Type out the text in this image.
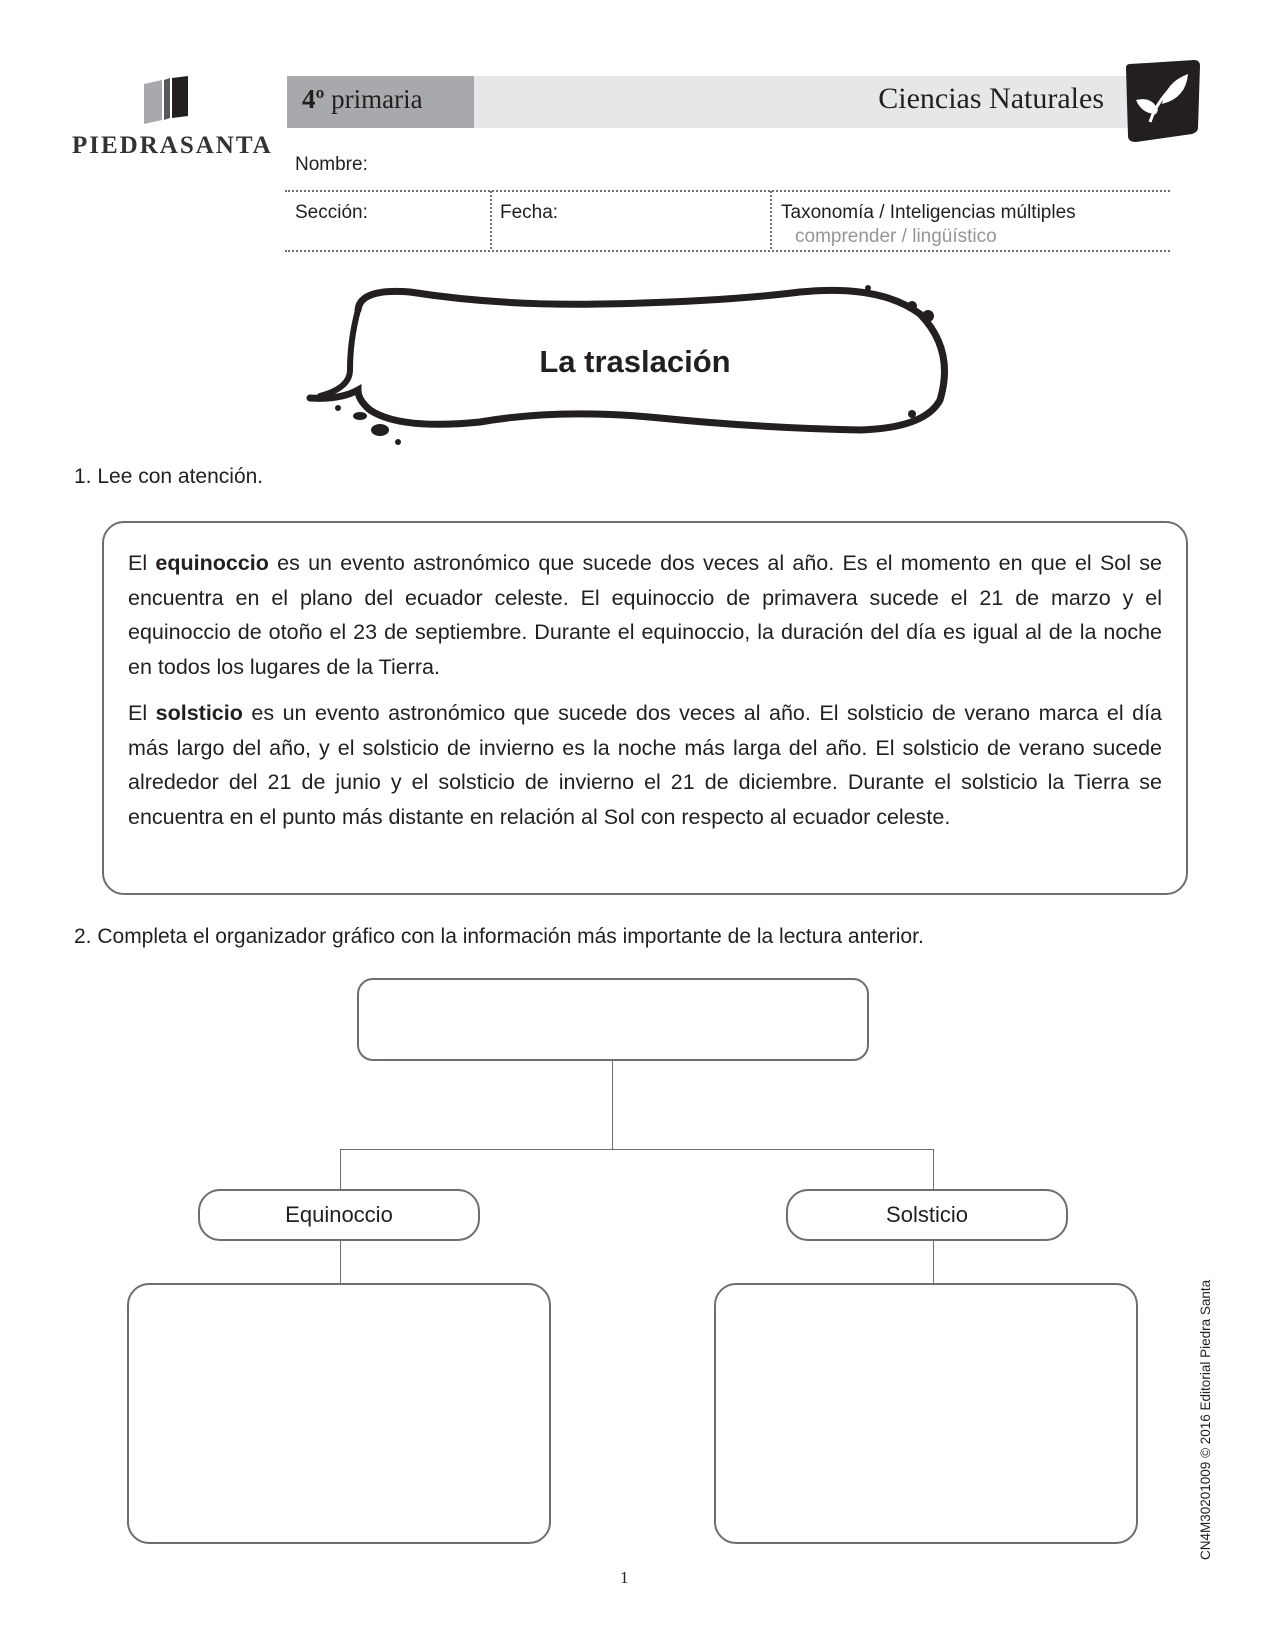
PIEDRASANTA
4º primaria	Ciencias Naturales
Nombre:
Sección:	Fecha:	Taxonomía / Inteligencias múltiples
comprender / lingüístico
La traslación
1. Lee con atención.
El equinoccio es un evento astronómico que sucede dos veces al año. Es el momento en que el Sol se encuentra en el plano del ecuador celeste. El equinoccio de primavera sucede el 21 de marzo y el equinoccio de otoño el 23 de septiembre. Durante el equinoccio, la duración del día es igual al de la noche en todos los lugares de la Tierra.
El solsticio es un evento astronómico que sucede dos veces al año. El solsticio de verano marca el día más largo del año, y el solsticio de invierno es la noche más larga del año. El solsticio de verano sucede alrededor del 21 de junio y el solsticio de invierno el 21 de diciembre. Durante el solsticio la Tierra se encuentra en el punto más distante en relación al Sol con respecto al ecuador celeste.
2. Completa el organizador gráfico con la información más importante de la lectura anterior.
Equinoccio	Solsticio
1
CN4M30201009 © 2016 Editorial Piedra Santa
